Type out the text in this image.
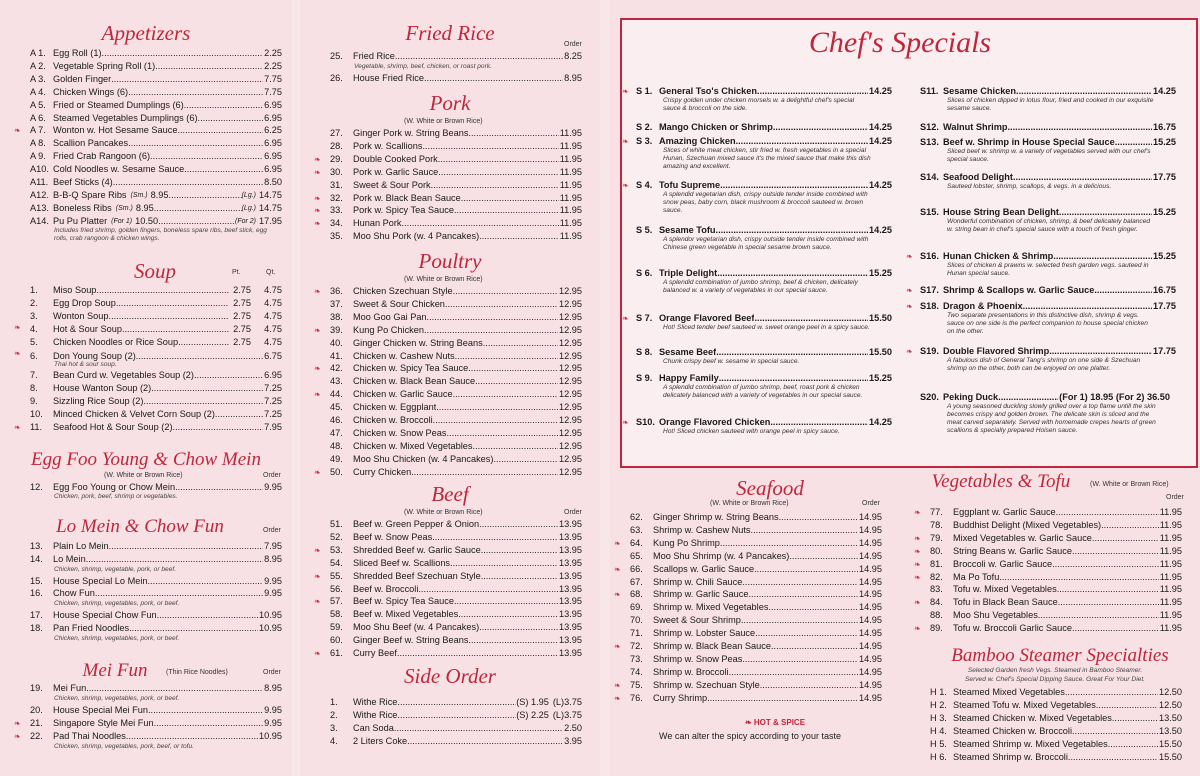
Appetizers
A 1. Egg Roll (1) .....	2.25
A 2. Vegetable Spring Roll (1) .....	2.25
A 3. Golden Finger .....	7.75
A 4. Chicken Wings (6) .....	7.75
A 5. Fried or Steamed Dumplings (6) .....	6.95
A 6. Steamed Vegetables Dumplings (6) .....	6.95
A 7. Wonton w. Hot Sesame Sauce .....	6.25
❧
A 8. Scallion Pancakes .....	6.95
A 9. Fried Crab Rangoon (6) .....	6.95
A10. Cold Noodles w. Sesame Sauce .....	6.95
A11. Beef Sticks (4) .....	8.50
A12. B-B-Q Spare Ribs (Sm.) 8.95 .....	(Lg.) 14.75
A13. Boneless Ribs (Sm.) 8.95 .....	(Lg.) 14.75
A14. Pu Pu Platter (For 1) 10.50 .....	(For 2) 17.95
Includes fried shrimp, golden fingers, boneless spare ribs, beef stick, egg rolls, crab rangoon & chicken wings.
Soup	Pt.	Qt.
1.	Miso Soup .....	2.75	4.75
2.	Egg Drop Soup .....	2.75	4.75
3.	Wonton Soup .....	2.75	4.75
4.	Hot & Sour Soup .....	2.75	4.75
5.	Chicken Noodles or Rice Soup .....	2.75	4.75
6.	Don Young Soup (2) .....	6.75
❧
❧
Thai hot & sour soup.
7.	Bean Curd w. Vegetables Soup (2) .....	6.95
8.	House Wanton Soup (2) .....	7.25
9.	Sizzling Rice Soup (2) .....	7.25
10.	Minced Chicken & Velvet Corn Soup (2) .....	7.25
11.	Seafood Hot & Sour Soup (2) .....	7.95
❧
Egg Foo Young & Chow Mein
(W. White or Brown Rice)	Order
12.	Egg Foo Young or Chow Mein .....	9.95
Chicken, pork, beef, shrimp or vegetables.
Lo Mein & Chow Fun	Order
13.	Plain Lo Mein .....	7.95
14.	Lo Mein .....	8.95
Chicken, shrimp, vegetable, pork, or beef.
15.	House Special Lo Mein .....	9.95
16.	Chow Fun .....	9.95
Chicken, shrimp, vegetables, pork, or beef.
17.	House Special Chow Fun .....	10.95
18.	Pan Fried Noodles .....	10.95
Chicken, shrimp, vegetables, pork, or beef.
Mei Fun	(Thin Rice Noodles)	Order
19.	Mei Fun .....	8.95
Chicken, shrimp, vegetables, pork, or beef.
20.	House Special Mei Fun .....	9.95
21.	Singapore Style Mei Fun .....	9.95
❧
22.	Pad Thai Noodles .....	10.95
❧
Chicken, shrimp, vegetables, pork, beef, or tofu.
Fried Rice	Order
25.	Fried Rice .....	8.25
Vegetable, shrimp, beef, chicken, or roast pork.
26.	House Fried Rice .....	8.95
Pork
(W. White or Brown Rice)
27.	Ginger Pork w. String Beans .....	11.95
28.	Pork w. Scallions .....	11.95
29.	Double Cooked Pork .....	11.95
❧
30.	Pork w. Garlic Sauce .....	11.95
❧
31.	Sweet & Sour Pork .....	11.95
32.	Pork w. Black Bean Sauce .....	11.95
❧
33.	Pork w. Spicy Tea Sauce .....	11.95
❧
34.	Hunan Pork .....	11.95
❧
35.	Moo Shu Pork (w. 4 Pancakes) .....	11.95
Poultry
(W. White or Brown Rice)
36.	Chicken Szechuan Style .....	12.95
❧
37.	Sweet & Sour Chicken .....	12.95
38.	Moo Goo Gai Pan .....	12.95
39.	Kung Po Chicken .....	12.95
❧
40.	Ginger Chicken w. String Beans .....	12.95
41.	Chicken w. Cashew Nuts .....	12.95
42.	Chicken w. Spicy Tea Sauce .....	12.95
❧
43.	Chicken w. Black Bean Sauce .....	12.95
44.	Chicken w. Garlic Sauce .....	12.95
❧
45.	Chicken w. Eggplant .....	12.95
46.	Chicken w. Broccoli .....	12.95
47.	Chicken w. Snow Peas .....	12.95
48.	Chicken w. Mixed Vegetables .....	12.95
49.	Moo Shu Chicken (w. 4 Pancakes) .....	12.95
50.	Curry Chicken .....	12.95
❧
Beef
(W. White or Brown Rice)	Order
51.	Beef w. Green Pepper & Onion .....	13.95
52.	Beef w. Snow Peas .....	13.95
53.	Shredded Beef w. Garlic Sauce .....	13.95
❧
54.	Sliced Beef w. Scallions .....	13.95
55.	Shredded Beef Szechuan Style .....	13.95
❧
56.	Beef w. Broccoli .....	13.95
57.	Beef w. Spicy Tea Sauce .....	13.95
❧
58.	Beef w. Mixed Vegetables .....	13.95
59.	Moo Shu Beef (w. 4 Pancakes) .....	13.95
60.	Ginger Beef w. String Beans .....	13.95
61.	Curry Beef .....	13.95
❧
Side Order
1.	Withe Rice .....	(S) 1.95 (L)3.75
2.	Withe Rice .....	(S) 2.25 (L)3.75
3.	Can Soda .....	2.50
4.	2 Liters Coke .....	3.95
Chef's Specials
S 1. General Tso's Chicken .....	14.25
Crispy golden under chicken morsels w. a delightful chef's special sauce & broccoli on the side.
S 2. Mango Chicken or Shrimp .....	14.25
S 3. Amazing Chicken .....	14.25
Slices of white meat chicken, stir fried w. fresh vegetables in a special Hunan, Szechuan mixed sauce it's the mixed sauce that make this dish amazing and excellent.
S 4. Tofu Supreme .....	14.25
A splendid vegetarian dish, crispy outside tender inside combined with snow peas, baby corn, black mushroom & broccoli sauteed w. brown sauce.
S 5. Sesame Tofu .....	14.25
A splendor vegetarian dish, crispy outside tender inside combined with Chinese green vegetable in special sesame brown sauce.
S 6. Triple Delight .....	15.25
A splendid combination of jumbo shrimp, beef & chicken, delicately balanced w. a variety of vegetables in our special sauce.
S 7. Orange Flavored Beef .....	15.50
Hot! Sliced tender beef sauteed w. sweet orange peel in a spicy sauce.
S 8. Sesame Beef .....	15.50
Chunk crispy beef w. sesame in special sauce.
S 9. Happy Family .....	15.25
A splendid combination of jumbo shrimp, beef, roast pork & chicken delicately balanced with a variety of vegetables in our special sauce.
S10. Orange Flavored Chicken .....	14.25
Hot! Sliced chicken sauteed with orange peel in spicy sauce.
❧
❧
❧
❧
❧
S11. Sesame Chicken .....	14.25
Slices of chicken dipped in lotus flour, fried and cooked in our exquisite sesame sauce.
S12. Walnut Shrimp .....	16.75
S13. Beef w. Shrimp in House Special Sauce .....	15.25
Sliced beef w. shrimp w. a variety of vegetables served with our chef's special sauce.
S14. Seafood Delight .....	17.75
Sauteed lobster, shrimp, scallops, & vegs. in a delicious.
S15. House String Bean Delight .....	15.25
Wonderful combination of chicken, shrimp, & beef delicately balanced w. string bean in chef's special sauce with a touch of fresh ginger.
S16. Hunan Chicken & Shrimp .....	15.25
Slices of chicken & prawns w. selected fresh garden vegs. sauteed in Hunan special sauce.
S17. Shrimp & Scallops w. Garlic Sauce .....	16.75
S18. Dragon & Phoenix .....	17.75
Two separate presentations in this distinctive dish, shrimp & vegs. sauce on one side is the perfect companion to house special chicken on the other.
S19. Double Flavored Shrimp .....	17.75
A fabulous dish of General Tang's shrimp on one side & Szechuan shrimp on the other, both can be enjoyed on one platter.
❧
❧
❧
❧
S20. Peking Duck .....	(For 1) 18.95 (For 2) 36.50
A young seasoned duckling slowly grilled over a top flame untill the skin becomes crispy and golden brown. The delicate skin is sliced and the meat carved separately. Served with homemade crepes hearts of green scallions & specially prepared Hoisen sauce.
Seafood
(W. White or Brown Rice)	Order
62.	Ginger Shrimp w. String Beans .....	14.95
63.	Shrimp w. Cashew Nuts .....	14.95
64.	Kung Po Shrimp .....	14.95
❧
65.	Moo Shu Shrimp (w. 4 Pancakes) .....	14.95
66.	Scallops w. Garlic Sauce .....	14.95
❧
67.	Shrimp w. Chili Sauce .....	14.95
68.	Shrimp w. Garlic Sauce .....	14.95
❧
69.	Shrimp w. Mixed Vegetables .....	14.95
70.	Sweet & Sour Shrimp .....	14.95
71.	Shrimp w. Lobster Sauce .....	14.95
72.	Shrimp w. Black Bean Sauce .....	14.95
❧
73.	Shrimp w. Snow Peas .....	14.95
74.	Shrimp w. Broccoli .....	14.95
75.	Shrimp w. Szechuan Style .....	14.95
❧
76.	Curry Shrimp .....	14.95
❧
Vegetables & Tofu	(W. White or Brown Rice)
Order
77.	Eggplant w. Garlic Sauce .....	11.95
❧
78.	Buddhist Delight (Mixed Vegetables) .....	11.95
79.	Mixed Vegetables w. Garlic Sauce .....	11.95
❧
80.	String Beans w. Garlic Sauce .....	11.95
❧
81.	Broccoli w. Garlic Sauce .....	11.95
❧
82.	Ma Po Tofu .....	11.95
❧
83.	Tofu w. Mixed Vegetables .....	11.95
84.	Tofu in Black Bean Sauce .....	11.95
❧
88.	Moo Shu Vegetables .....	11.95
89.	Tofu w. Broccoli Garlic Sauce .....	11.95
❧
Bamboo Steamer Specialties
Selected Garden fresh Vegs. Steamed in Bamboo Steamer.
Served w. Chef's Special Dipping Sauce. Great For Your Diet.
H 1. Steamed Mixed Vegetables .....	12.50
H 2. Steamed Tofu w. Mixed Vegetables .....	12.50
H 3. Steamed Chicken w. Mixed Vegetables .....	13.50
H 4. Steamed Chicken w. Broccoli .....	13.50
H 5. Steamed Shrimp w. Mixed Vegetables .....	15.50
H 6. Steamed Shrimp w. Broccoli .....	15.50
❧ HOT & SPICE
We can alter the spicy according to your taste
